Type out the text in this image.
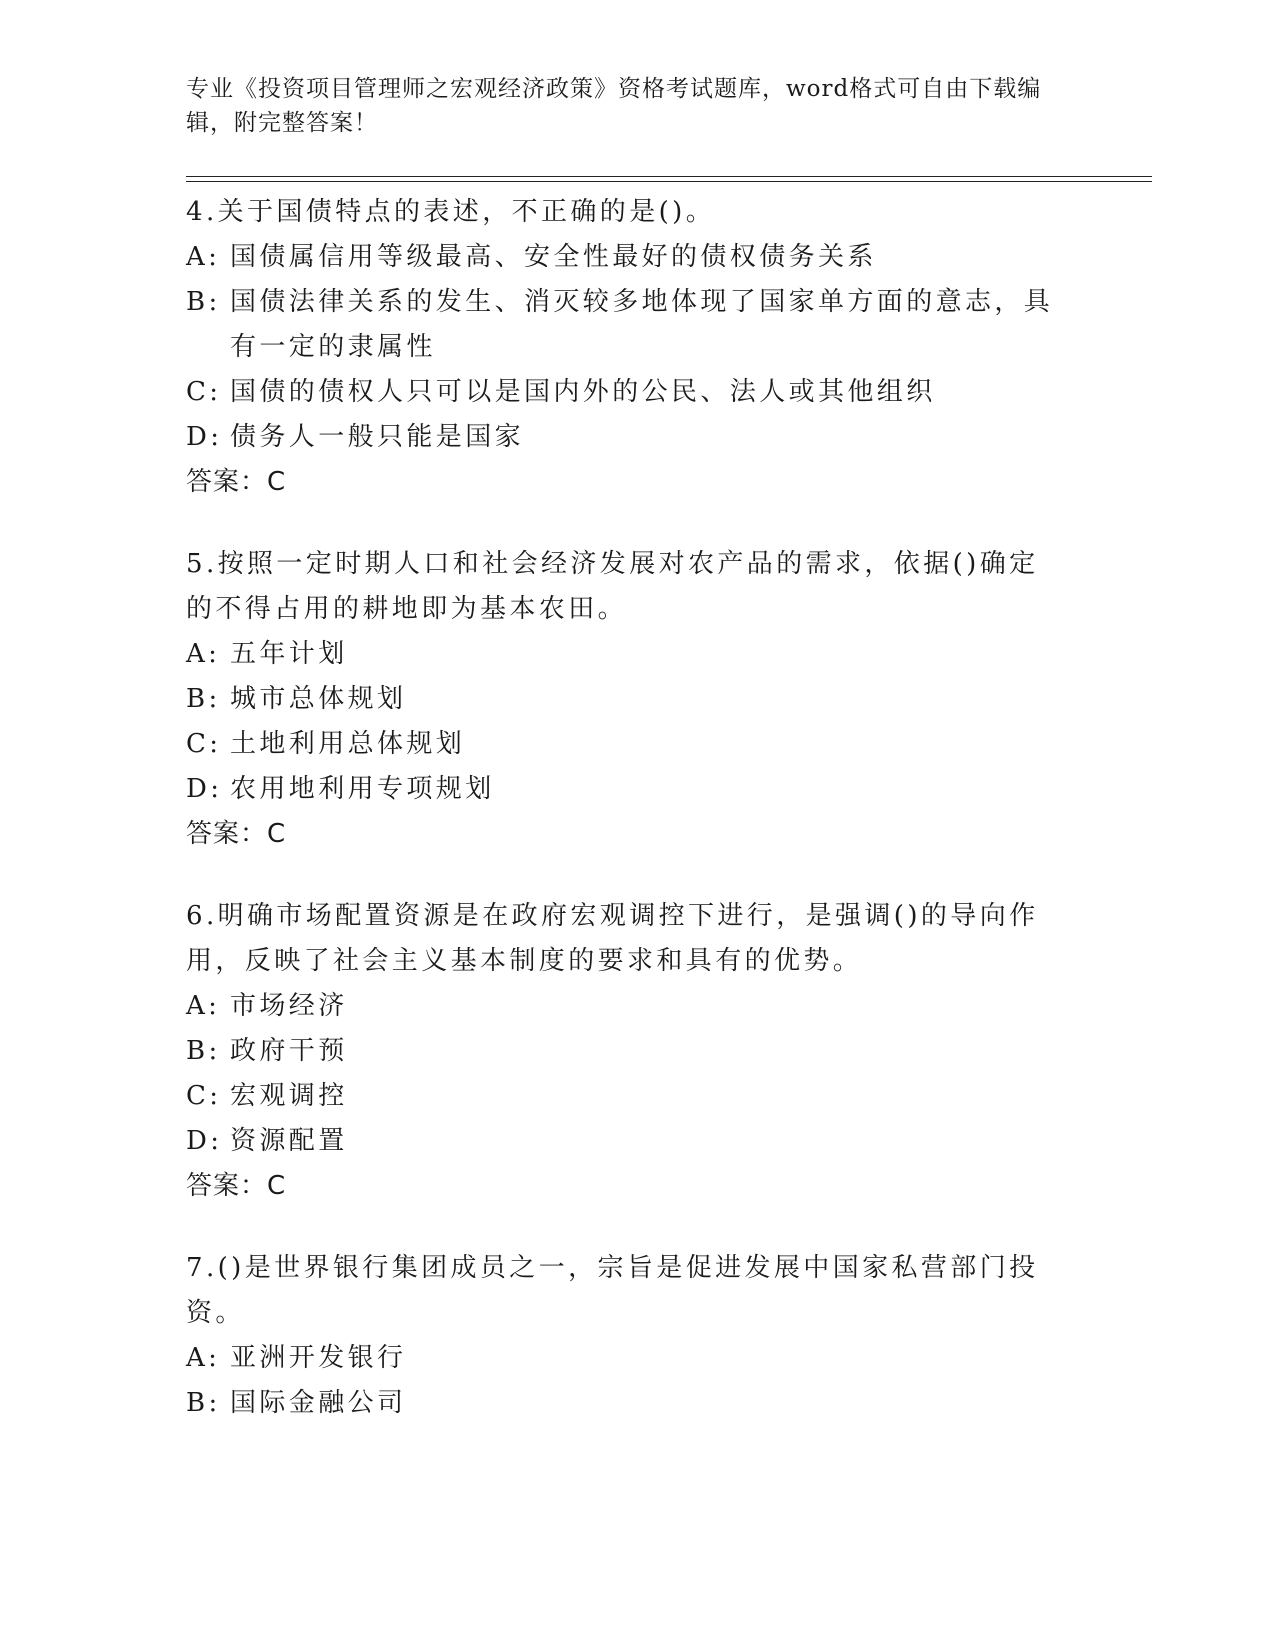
专业《投资项目管理师之宏观经济政策》资格考试题库，word格式可自由下载编辑，附完整答案！
4.关于国债特点的表述，不正确的是()。
A: 国债属信用等级最高、安全性最好的债权债务关系
B: 国债法律关系的发生、消灭较多地体现了国家单方面的意志，具有一定的隶属性
C: 国债的债权人只可以是国内外的公民、法人或其他组织
D: 债务人一般只能是国家
答案：C
5.按照一定时期人口和社会经济发展对农产品的需求，依据()确定的不得占用的耕地即为基本农田。
A: 五年计划
B: 城市总体规划
C: 土地利用总体规划
D: 农用地利用专项规划
答案：C
6.明确市场配置资源是在政府宏观调控下进行，是强调()的导向作用，反映了社会主义基本制度的要求和具有的优势。
A: 市场经济
B: 政府干预
C: 宏观调控
D: 资源配置
答案：C
7.()是世界银行集团成员之一，宗旨是促进发展中国家私营部门投资。
A: 亚洲开发银行
B: 国际金融公司
